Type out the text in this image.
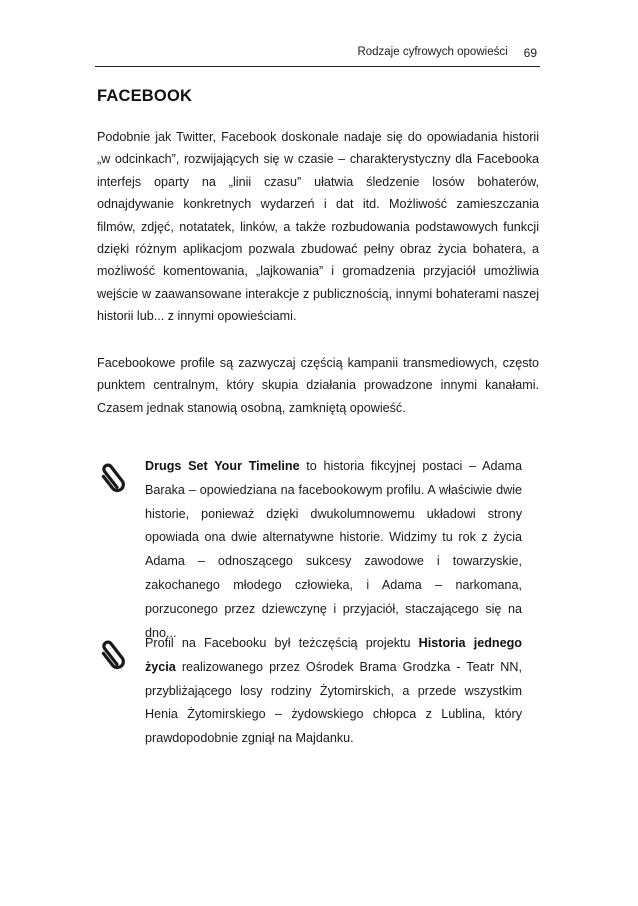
Rodzaje cyfrowych opowieści 69
FACEBOOK

Podobnie jak Twitter, Facebook doskonale nadaje się do opowiadania historii „w odcinkach”, rozwijających się w czasie – charakterystyczny dla Facebooka interfejs oparty na „linii czasu” ułatwia śledzenie losów bohaterów, odnajdywanie konkretnych wydarzeń i dat itd. Możliwość zamieszczania filmów, zdjęć, notatatek, linków, a także rozbudowania podstawowych funkcji dzięki różnym aplikacjom pozwala zbudować pełny obraz życia bohatera, a możliwość komentowania, „lajkowania” i gromadzenia przyjaciół umożliwia wejście w zaawansowane interakcje z publicznością, innymi bohaterami naszej historii lub... z innymi opowieściami.

Facebookowe profile są zazwyczaj częścią kampanii transmediowych, często punktem centralnym, który skupia działania prowadzone innymi kanałami. Czasem jednak stanowią osobną, zamkniętą opowieść.

Drugs Set Your Timeline to historia fikcyjnej postaci – Adama Baraka – opowiedziana na facebookowym profilu. A właściwie dwie historie, ponieważ dzięki dwukolumnowemu układowi strony opowiada ona dwie alternatywne historie. Widzimy tu rok z życia Adama – odnoszącego sukcesy zawodowe i towarzyskie, zakochanego młodego człowieka, i Adama – narkomana, porzuconego przez dziewczynę i przyjaciół, staczającego się na dno...

Profil na Facebooku był teżczęścią projektu Historia jednego życia realizowanego przez Ośrodek Brama Grodzka - Teatr NN, przybliżającego losy rodziny Żytomirskich, a przede wszystkim Henia Żytomirskiego – żydowskiego chłopca z Lublina, który prawdopodobnie zgniął na Majdanku.
